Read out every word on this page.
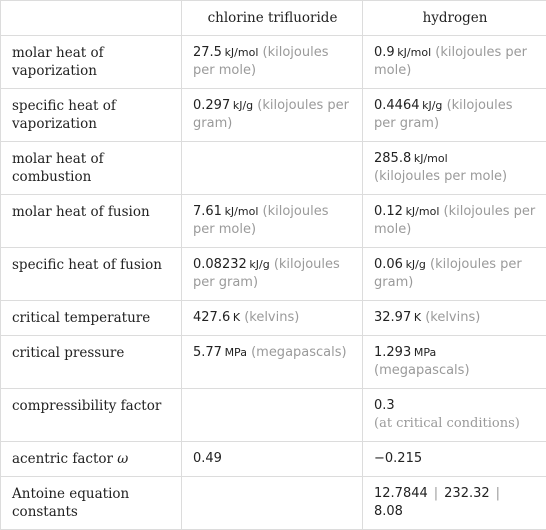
	chlorine trifluoride	hydrogen
molar heat of vaporization	27.5  kJ/mol (kilojoules per mole)	0.9  kJ/mol (kilojoules per mole)
specific heat of vaporization	0.297  kJ/g (kilojoules per gram)	0.4464  kJ/g (kilojoules per gram)
molar heat of combustion		285.8  kJ/mol
(kilojoules per mole)
molar heat of fusion	7.61  kJ/mol (kilojoules per mole)	0.12  kJ/mol (kilojoules per mole)
specific heat of fusion	0.08232  kJ/g (kilojoules per gram)	0.06  kJ/g (kilojoules per gram)
critical temperature	427.6  K (kelvins)	32.97  K (kelvins)
critical pressure	5.77  MPa (megapascals)	1.293  MPa
(megapascals)
compressibility factor		0.3
(at critical conditions)
acentric factor ω	0.49	−0.215
Antoine equation constants		12.7844 | 232.32 |
8.08
